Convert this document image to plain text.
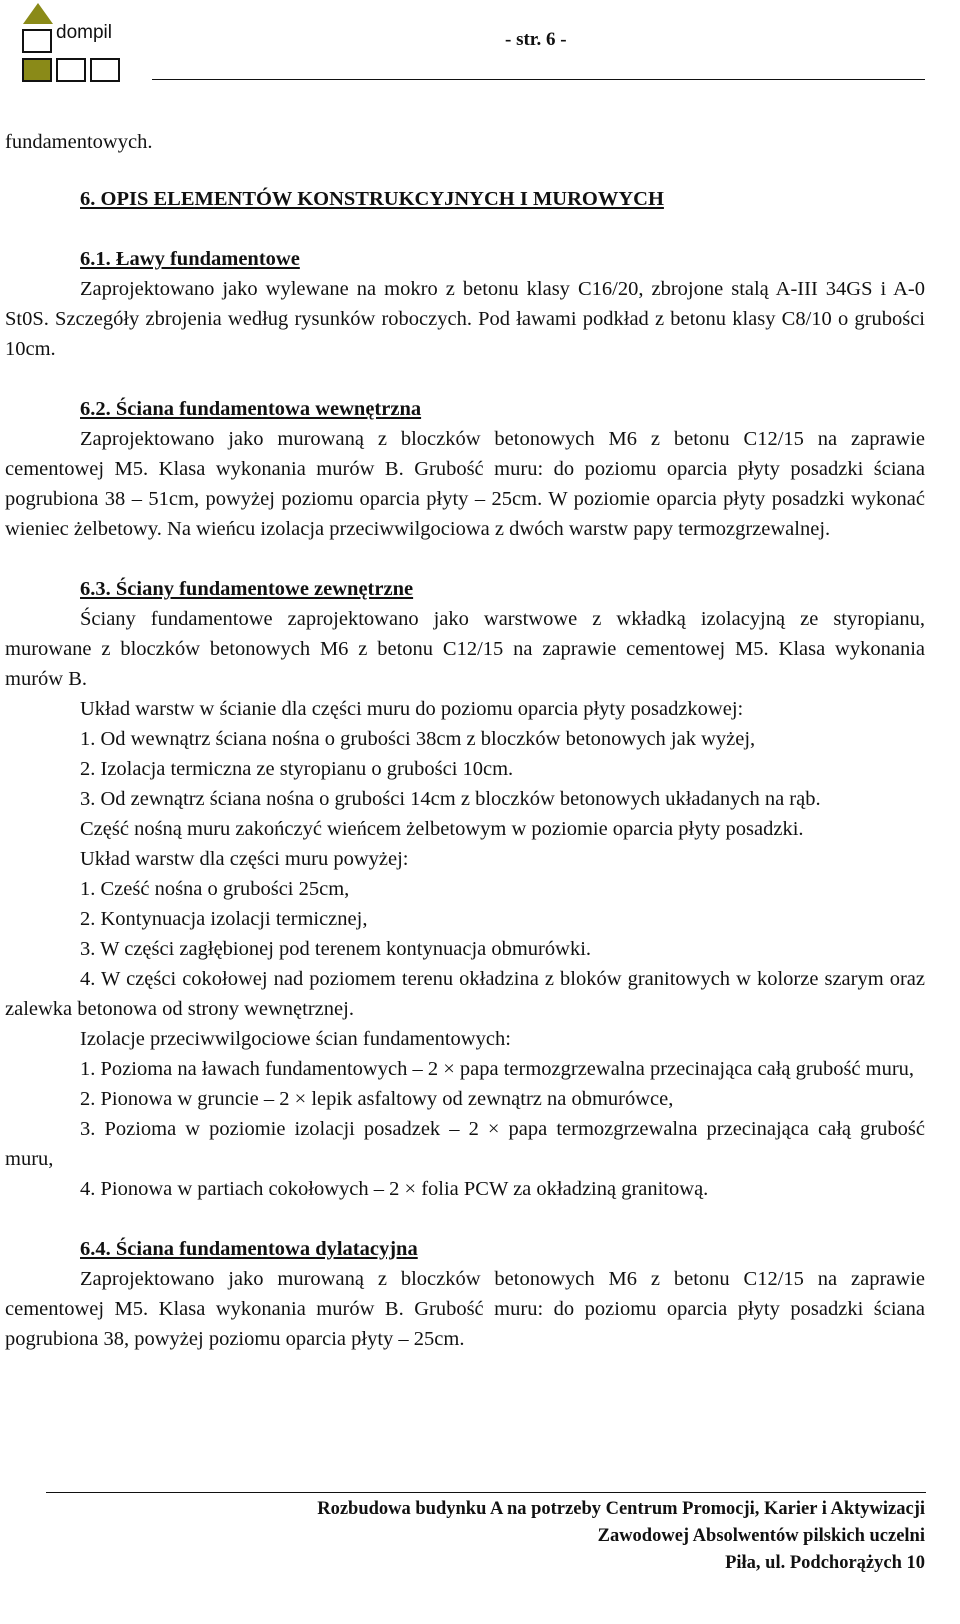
dompil	- str. 6 -

fundamentowych.

6. OPIS ELEMENTÓW KONSTRUKCYJNYCH I MUROWYCH

6.1. Ławy fundamentowe

Zaprojektowano jako wylewane na mokro z betonu klasy C16/20, zbrojone stalą A-III 34GS i A-0 St0S. Szczegóły zbrojenia według rysunków roboczych. Pod ławami podkład z betonu klasy C8/10 o grubości 10cm.

6.2. Ściana fundamentowa wewnętrzna

Zaprojektowano jako murowaną z bloczków betonowych M6 z betonu C12/15 na zaprawie cementowej M5. Klasa wykonania murów B. Grubość muru: do poziomu oparcia płyty posadzki ściana pogrubiona 38 – 51cm, powyżej poziomu oparcia płyty – 25cm. W poziomie oparcia płyty posadzki wykonać wieniec żelbetowy. Na wieńcu izolacja przeciwwilgociowa z dwóch warstw papy termozgrzewalnej.

6.3. Ściany fundamentowe zewnętrzne

Ściany fundamentowe zaprojektowano jako warstwowe z wkładką izolacyjną ze styropianu, murowane z bloczków betonowych M6 z betonu C12/15 na zaprawie cementowej M5. Klasa wykonania murów B.

Układ warstw w ścianie dla części muru do poziomu oparcia płyty posadzkowej:

1. Od wewnątrz ściana nośna o grubości 38cm z bloczków betonowych jak wyżej,

2. Izolacja termiczna ze styropianu o grubości 10cm.

3. Od zewnątrz ściana nośna o grubości 14cm z bloczków betonowych układanych na rąb.

Część nośną muru zakończyć wieńcem żelbetowym w poziomie oparcia płyty posadzki.

Układ warstw dla części muru powyżej:

1. Cześć nośna o grubości 25cm,

2. Kontynuacja izolacji termicznej,

3. W części zagłębionej pod terenem kontynuacja obmurówki.

4. W części cokołowej nad poziomem terenu okładzina z bloków granitowych w kolorze szarym oraz zalewka betonowa od strony wewnętrznej.

Izolacje przeciwwilgociowe ścian fundamentowych:

1. Pozioma na ławach fundamentowych – 2 × papa termozgrzewalna przecinająca całą grubość muru,

2. Pionowa w gruncie – 2 × lepik asfaltowy od zewnątrz na obmurówce,

3. Pozioma w poziomie izolacji posadzek – 2 × papa termozgrzewalna przecinająca całą grubość muru,

4. Pionowa w partiach cokołowych – 2 × folia PCW za okładziną granitową.

6.4. Ściana fundamentowa dylatacyjna

Zaprojektowano jako murowaną z bloczków betonowych M6 z betonu C12/15 na zaprawie cementowej M5. Klasa wykonania murów B. Grubość muru: do poziomu oparcia płyty posadzki ściana pogrubiona 38, powyżej poziomu oparcia płyty – 25cm.

Rozbudowa budynku A na potrzeby Centrum Promocji, Karier i Aktywizacji
Zawodowej Absolwentów pilskich uczelni
Piła, ul. Podchorążych 10
